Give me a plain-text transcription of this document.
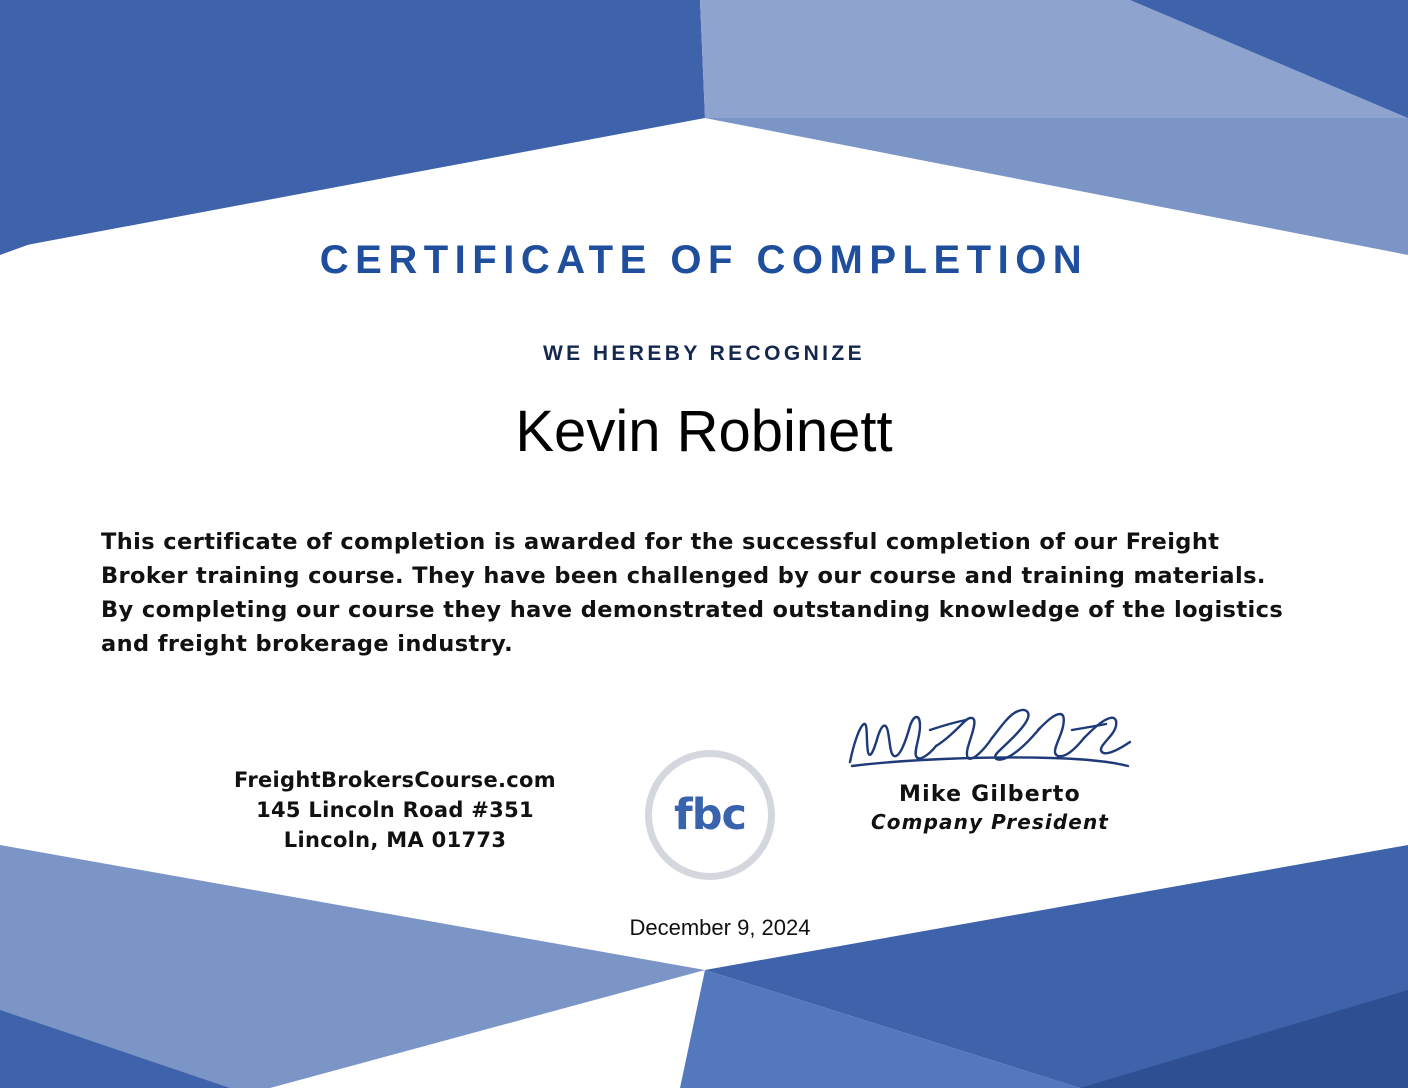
CERTIFICATE OF COMPLETION
WE HEREBY RECOGNIZE
Kevin Robinett
This certificate of completion is awarded for the successful completion of our Freight Broker training course. They have been challenged by our course and training materials. By completing our course they have demonstrated outstanding knowledge of the logistics and freight brokerage industry.
FreightBrokersCourse.com
145 Lincoln Road #351
Lincoln, MA 01773	fbc	Mike Gilberto
Company President
December 9, 2024
